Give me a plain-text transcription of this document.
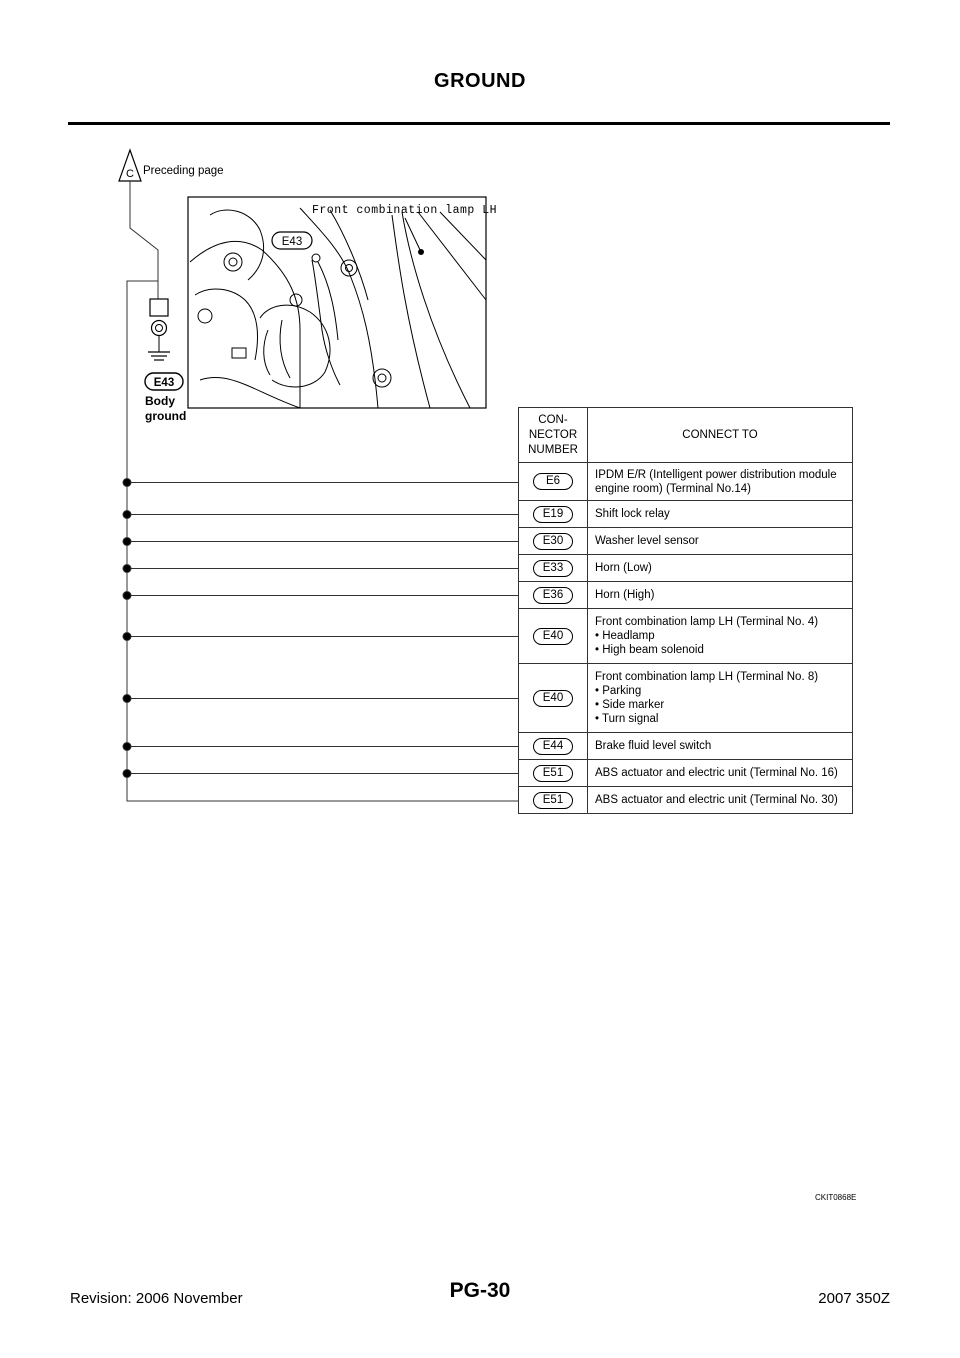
GROUND
C Preceding page
E43
Body
ground
Front combination lamp LH
E43
CON-
NECTOR
NUMBER	CONNECT TO
E6	IPDM E/R (Intelligent power distribution module
engine room) (Terminal No.14)

E19	Shift lock relay

E30	Washer level sensor

E33	Horn (Low)

E36	Horn (High)

E40	Front combination lamp LH (Terminal No. 4)
• Headlamp
• High beam solenoid

E40	Front combination lamp LH (Terminal No. 8)
• Parking
• Side marker
• Turn signal

E44	Brake fluid level switch

E51	ABS actuator and electric unit (Terminal No. 16)

E51	ABS actuator and electric unit (Terminal No. 30)
CKIT0868E
Revision: 2006 November	PG-30	2007 350Z
